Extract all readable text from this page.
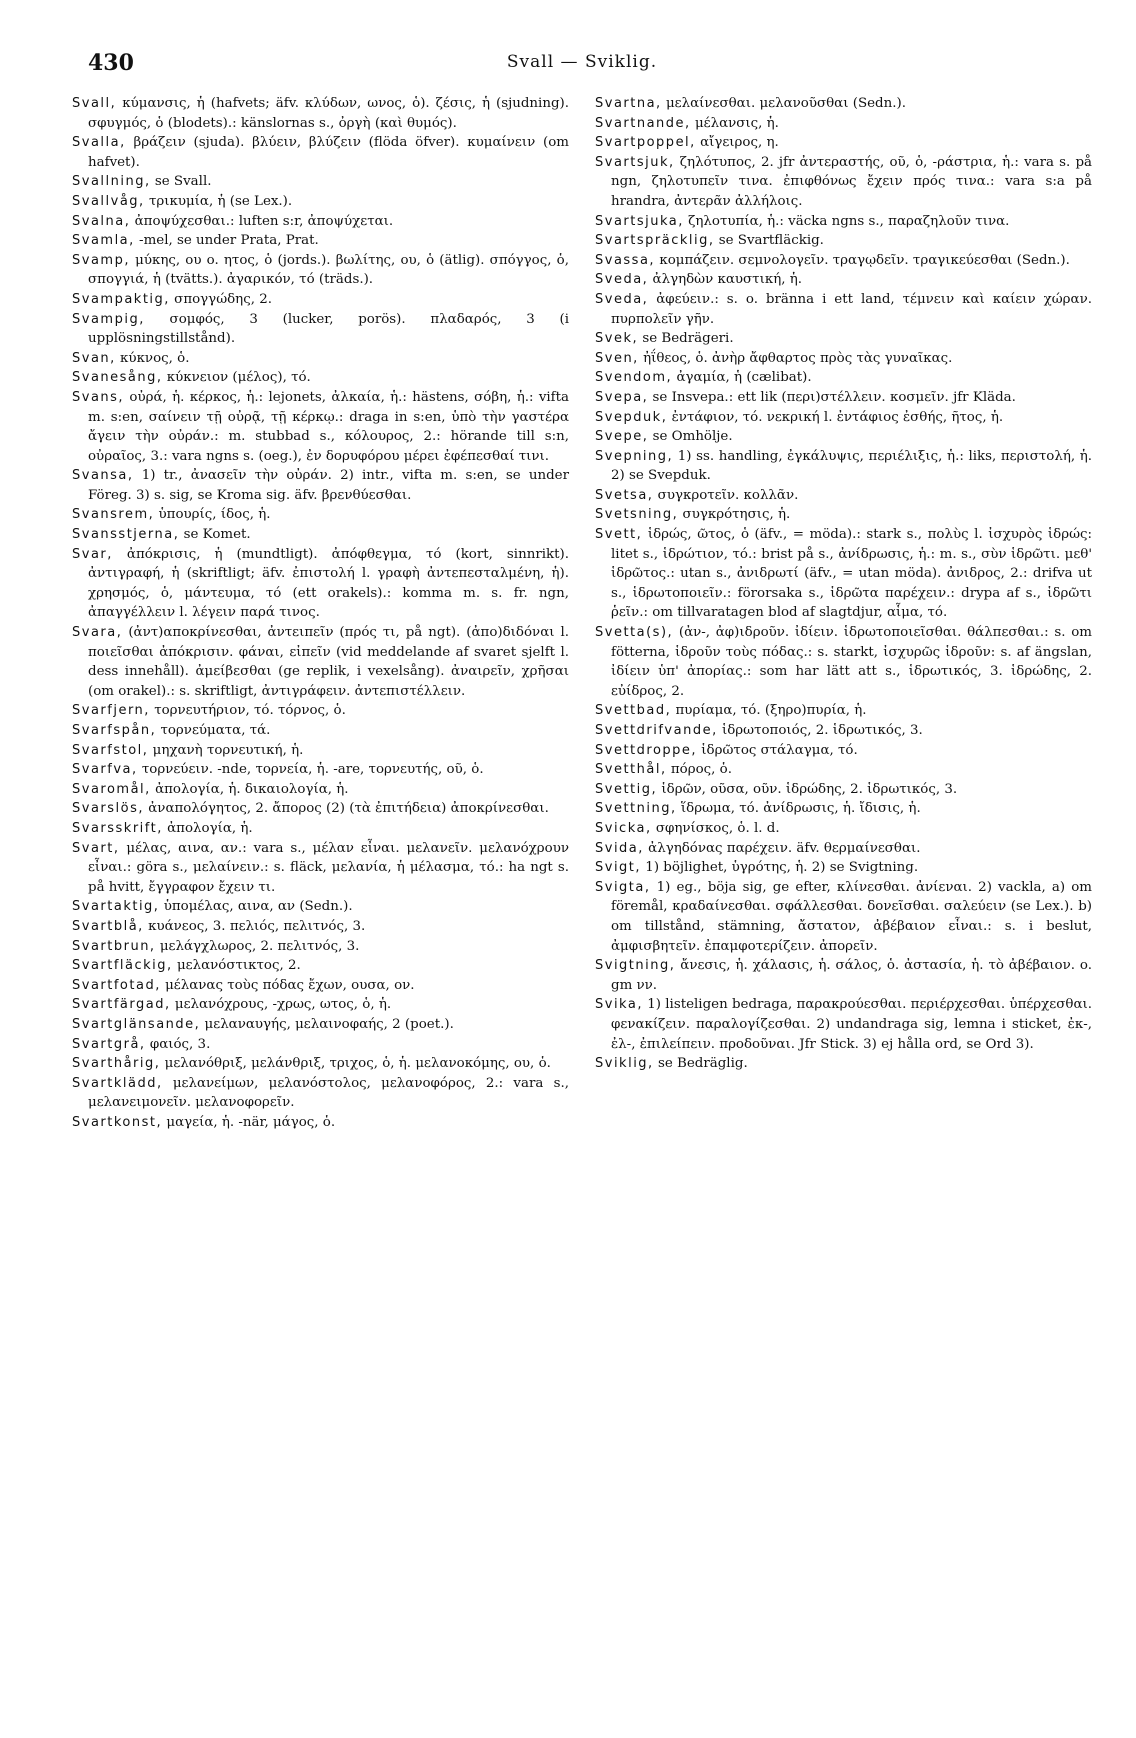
430	Svall — Sviklig.

Svall, κύμανσις, ἡ (hafvets; äfv. κλύδων, ωνος, ὁ). ζέσις, ἡ (sjudning). σφυγμός, ὁ (blodets).: känslornas s., ὀργὴ (καὶ θυμός).

Svalla, βράζειν (sjuda). βλύειν, βλύζειν (flöda öfver). κυμαίνειν (om hafvet).

Svallning, se Svall.

Svallvåg, τρικυμία, ἡ (se Lex.).

Svalna, ἀποψύχεσθαι.: luften s:r, ἀποψύχεται.

Svamla, -mel, se under Prata, Prat.

Svamp, μύκης, ου o. ητος, ὁ (jords.). βωλίτης, ου, ὁ (ätlig). σπόγγος, ὁ, σπογγιά, ἡ (tvätts.). ἀγαρικόν, τό (träds.).

Svampaktig, σπογγώδης, 2.

Svampig, σομφός, 3 (lucker, porös). πλαδαρός, 3 (i upplösningstillstånd).

Svan, κύκνος, ὁ.

Svanesång, κύκνειον (μέλος), τό.

Svans, οὐρά, ἡ. κέρκος, ἡ.: lejonets, ἀλκαία, ἡ.: hästens, σόβη, ἡ.: vifta m. s:en, σαίνειν τῇ οὐρᾷ, τῇ κέρκῳ.: draga in s:en, ὑπὸ τὴν γαστέρα ἄγειν τὴν οὐράν.: m. stubbad s., κόλουρος, 2.: hörande till s:n, οὐραῖος, 3.: vara ngns s. (oeg.), ἐν δορυφόρου μέρει ἐφέπεσθαί τινι.

Svansa, 1) tr., ἀνασεῖν τὴν οὐράν. 2) intr., vifta m. s:en, se under Föreg. 3) s. sig, se Kroma sig. äfv. βρενθύεσθαι.

Svansrem, ὑπουρίς, ίδος, ἡ.

Svansstjerna, se Komet.

Svar, ἀπόκρισις, ἡ (mundtligt). ἀπόφθεγμα, τό (kort, sinnrikt). ἀντιγραφή, ἡ (skriftligt; äfv. ἐπιστολή l. γραφὴ ἀντεπεσταλμένη, ἡ). χρησμός, ὁ, μάντευμα, τό (ett orakels).: komma m. s. fr. ngn, ἀπαγγέλλειν l. λέγειν παρά τινος.

Svara, (ἀντ)αποκρίνεσθαι, ἀντειπεῖν (πρός τι, på ngt). (ἀπο)διδόναι l. ποιεῖσθαι ἀπόκρισιν. φάναι, εἰπεῖν (vid meddelande af svaret sjelft l. dess innehåll). ἀμείβεσθαι (ge replik, i vexelsång). ἀναιρεῖν, χρῆσαι (om orakel).: s. skriftligt, ἀντιγράφειν. ἀντεπιστέλλειν.

Svarfjern, τορνευτήριον, τό. τόρνος, ὁ.

Svarfspån, τορνεύματα, τά.

Svarfstol, μηχανὴ τορνευτική, ἡ.

Svarfva, τορνεύειν. -nde, τορνεία, ἡ. -are, τορνευτής, οῦ, ὁ.

Svaromål, ἀπολογία, ἡ. δικαιολογία, ἡ.

Svarslös, ἀναπολόγητος, 2. ἄπορος (2) (τὰ ἐπιτήδεια) ἀποκρίνεσθαι.

Svarsskrift, ἀπολογία, ἡ.

Svart, μέλας, αινα, αν.: vara s., μέλαν εἶναι. μελανεῖν. μελανόχρουν εἶναι.: göra s., μελαίνειν.: s. fläck, μελανία, ἡ μέλασμα, τό.: ha ngt s. på hvitt, ἔγγραφον ἔχειν τι.

Svartaktig, ὑπομέλας, αινα, αν (Sedn.).

Svartblå, κυάνεος, 3. πελιός, πελιτνός, 3.

Svartbrun, μελάγχλωρος, 2. πελιτνός, 3.

Svartfläckig, μελανόστικτος, 2.

Svartfotad, μέλανας τοὺς πόδας ἔχων, ουσα, ον.

Svartfärgad, μελανόχρους, -χρως, ωτος, ὁ, ἡ.

Svartglänsande, μελαναυγής, μελαινοφαής, 2 (poet.).

Svartgrå, φαιός, 3.

Svarthårig, μελανόθριξ, μελάνθριξ, τριχος, ὁ, ἡ. μελανοκόμης, ου, ὁ.

Svartklädd, μελανείμων, μελανόστολος, μελανοφόρος, 2.: vara s., μελανειμονεῖν. μελανοφορεῖν.

Svartkonst, μαγεία, ἡ. -när, μάγος, ὁ.

Svartna, μελαίνεσθαι. μελανοῦσθαι (Sedn.).

Svartnande, μέλανσις, ἡ.

Svartpoppel, αἴγειρος, η.

Svartsjuk, ζηλότυπος, 2. jfr ἀντεραστής, οῦ, ὁ, -ράστρια, ἡ.: vara s. på ngn, ζηλοτυπεῖν τινα. ἐπιφθόνως ἔχειν πρός τινα.: vara s:a på hrandra, ἀντερᾶν ἀλλήλοις.

Svartsjuka, ζηλοτυπία, ἡ.: väcka ngns s., παραζηλοῦν τινα.

Svartspräcklig, se Svartfläckig.

Svassa, κομπάζειν. σεμνολογεῖν. τραγῳδεῖν. τραγικεύεσθαι (Sedn.).

Sveda, ἀλγηδὼν καυστική, ἡ.

Sveda, ἀφεύειν.: s. o. bränna i ett land, τέμνειν καὶ καίειν χώραν. πυρπολεῖν γῆν.

Svek, se Bedrägeri.

Sven, ἠΐθεος, ὁ. ἀνὴρ ἄφθαρτος πρὸς τὰς γυναῖκας.

Svendom, ἀγαμία, ἡ (cælibat).

Svepa, se Insvepa.: ett lik (περι)στέλλειν. κοσμεῖν. jfr Kläda.

Svepduk, ἐντάφιον, τό. νεκρική l. ἐντάφιος ἐσθής, ῆτος, ἡ.

Svepe, se Omhölje.

Svepning, 1) ss. handling, ἐγκάλυψις, περιέλιξις, ἡ.: liks, περιστολή, ἡ. 2) se Svepduk.

Svetsa, συγκροτεῖν. κολλᾶν.

Svetsning, συγκρότησις, ἡ.

Svett, ἱδρώς, ῶτος, ὁ (äfv., = möda).: stark s., πολὺς l. ἰσχυρὸς ἱδρώς: litet s., ἱδρώτιον, τό.: brist på s., ἀνίδρωσις, ἡ.: m. s., σὺν ἱδρῶτι. μεθ' ἱδρῶτος.: utan s., ἀνιδρωτί (äfv., = utan möda). ἀνιδρος, 2.: drifva ut s., ἱδρωτοποιεῖν.: förorsaka s., ἱδρῶτα παρέχειν.: drypa af s., ἱδρῶτι ῥεῖν.: om tillvaratagen blod af slagtdjur, αἷμα, τό.

Svetta(s), (ἀν-, ἀφ)ιδροῦν. ἰδίειν. ἱδρωτοποιεῖσθαι. θάλπεσθαι.: s. om fötterna, ἱδροῦν τοὺς πόδας.: s. starkt, ἰσχυρῶς ἱδροῦν: s. af ängslan, ἰδίειν ὑπ' ἀπορίας.: som har lätt att s., ἱδρωτικός, 3. ἱδρώδης, 2. εὐίδρος, 2.

Svettbad, πυρίαμα, τό. (ξηρο)πυρία, ἡ.

Svettdrifvande, ἱδρωτοποιός, 2. ἱδρωτικός, 3.

Svettdroppe, ἱδρῶτος στάλαγμα, τό.

Svetthål, πόρος, ὁ.

Svettig, ἱδρῶν, οῦσα, οῦν. ἱδρώδης, 2. ἱδρωτικός, 3.

Svettning, ἵδρωμα, τό. ἀνίδρωσις, ἡ. ἴδισις, ἡ.

Svicka, σφηνίσκος, ὁ. l. d.

Svida, ἀλγηδόνας παρέχειν. äfv. θερμαίνεσθαι.

Svigt, 1) böjlighet, ὑγρότης, ἡ. 2) se Svigtning.

Svigta, 1) eg., böja sig, ge efter, κλίνεσθαι. ἀνίεναι. 2) vackla, a) om föremål, κραδαίνεσθαι. σφάλλεσθαι. δονεῖσθαι. σαλεύειν (se Lex.). b) om tillstånd, stämning, ἄστατον, ἀβέβαιον εἶναι.: s. i beslut, ἀμφισβητεῖν. ἐπαμφοτερίζειν. ἀπορεῖν.

Svigtning, ἄνεσις, ἡ. χάλασις, ἡ. σάλος, ὁ. ἀστασία, ἡ. τὸ ἀβέβαιον. o. gm νν.

Svika, 1) listeligen bedraga, παρακρούεσθαι. περιέρχεσθαι. ὑπέρχεσθαι. φενακίζειν. παραλογίζεσθαι. 2) undandraga sig, lemna i sticket, ἐκ-, ἐλ-, ἐπιλείπειν. προδοῦναι. Jfr Stick. 3) ej hålla ord, se Ord 3).

Sviklig, se Bedräglig.
